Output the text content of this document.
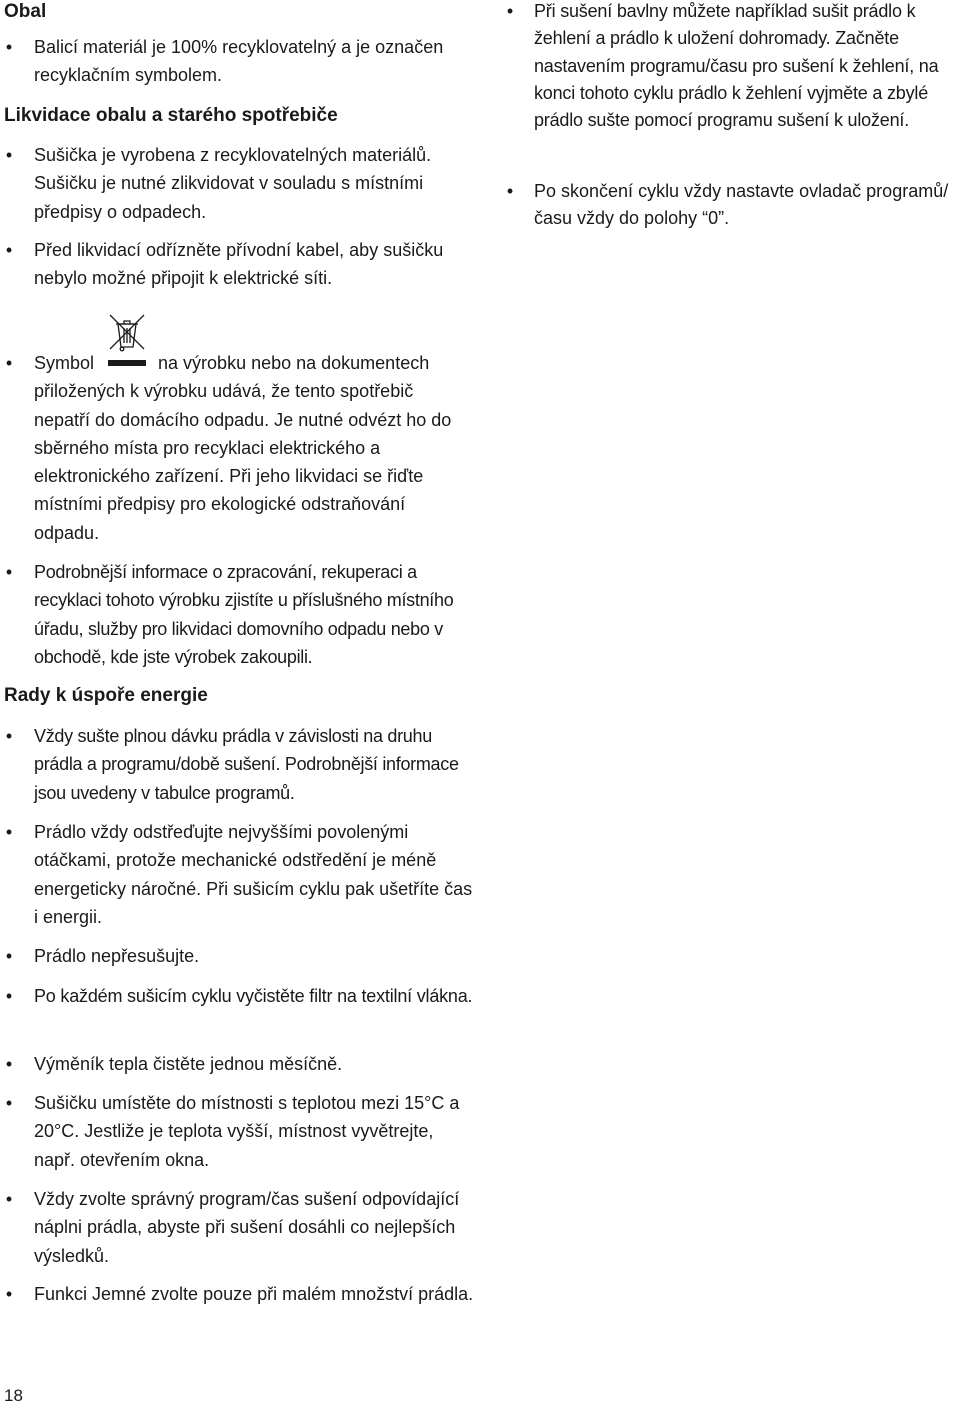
Obal
• Balicí materiál je 100% recyklovatelný a je označen recyklačním symbolem.
Likvidace obalu a starého spotřebiče
• Sušička je vyrobena z recyklovatelných materiálů. Sušičku je nutné zlikvidovat v souladu s místními předpisy o odpadech.
• Před likvidací odřízněte přívodní kabel, aby sušičku nebylo možné připojit k elektrické síti.
• Symbol	na výrobku nebo na dokumentech přiložených k výrobku udává, že tento spotřebič nepatří do domácího odpadu. Je nutné odvézt ho do sběrného místa pro recyklaci elektrického a elektronického zařízení. Při jeho likvidaci se řiďte místními předpisy pro ekologické odstraňování odpadu.
• Podrobnější informace o zpracování, rekuperaci a recyklaci tohoto výrobku zjistíte u příslušného místního úřadu, služby pro likvidaci domovního odpadu nebo v obchodě, kde jste výrobek zakoupili.
Rady k úspoře energie
• Vždy sušte plnou dávku prádla v závislosti na druhu prádla a programu/době sušení. Podrobnější informace jsou uvedeny v tabulce programů.
• Prádlo vždy odstřeďujte nejvyššími povolenými otáčkami, protože mechanické odstředění je méně energeticky náročné. Při sušicím cyklu pak ušetříte čas i energii.
• Prádlo nepřesušujte.
• Po každém sušicím cyklu vyčistěte filtr na textilní vlákna.
• Výměník tepla čistěte jednou měsíčně.
• Sušičku umístěte do místnosti s teplotou mezi 15°C a 20°C. Jestliže je teplota vyšší, místnost vyvětrejte, např. otevřením okna.
• Vždy zvolte správný program/čas sušení odpovídající náplni prádla, abyste při sušení dosáhli co nejlepších výsledků.
• Funkci Jemné zvolte pouze při malém množství prádla.
• Při sušení bavlny můžete například sušit prádlo k žehlení a prádlo k uložení dohromady. Začněte nastavením programu/času pro sušení k žehlení, na konci tohoto cyklu prádlo k žehlení vyjměte a zbylé prádlo sušte pomocí programu sušení k uložení.
• Po skončení cyklu vždy nastavte ovladač programů/času vždy do polohy “0”.
18
